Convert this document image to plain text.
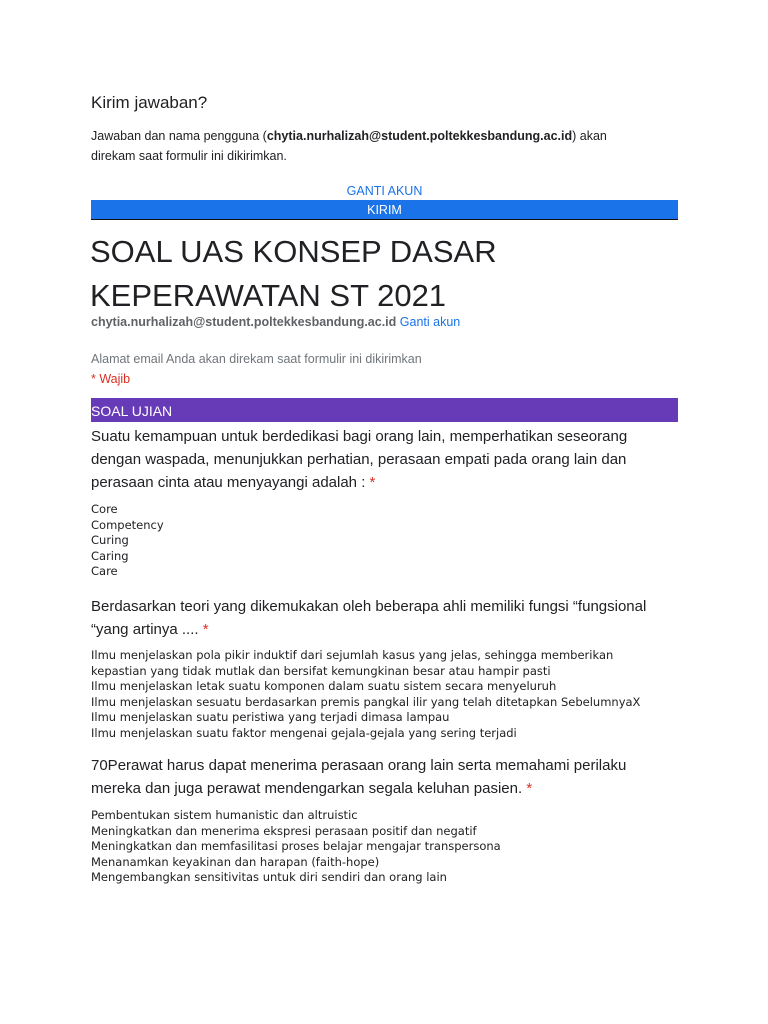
Kirim jawaban?
Jawaban dan nama pengguna (chytia.nurhalizah@student.poltekkesbandung.ac.id) akan direkam saat formulir ini dikirimkan.
GANTI AKUN
KIRIM
SOAL UAS KONSEP DASAR KEPERAWATAN ST 2021
chytia.nurhalizah@student.poltekkesbandung.ac.id Ganti akun
Alamat email Anda akan direkam saat formulir ini dikirimkan
* Wajib
SOAL UJIAN
Suatu kemampuan untuk berdedikasi bagi orang lain, memperhatikan seseorang dengan waspada, menunjukkan perhatian, perasaan empati pada orang lain dan perasaan cinta atau menyayangi adalah : *
Core
Competency
Curing
Caring
Care
Berdasarkan teori yang dikemukakan oleh beberapa ahli memiliki fungsi “fungsional “yang artinya .... *
Ilmu menjelaskan pola pikir induktif dari sejumlah kasus yang jelas, sehingga memberikan
kepastian yang tidak mutlak dan bersifat kemungkinan besar atau hampir pasti
Ilmu menjelaskan letak suatu komponen dalam suatu sistem secara menyeluruh
Ilmu menjelaskan sesuatu berdasarkan premis pangkal ilir yang telah ditetapkan SebelumnyaX
Ilmu menjelaskan suatu peristiwa yang terjadi dimasa lampau
Ilmu menjelaskan suatu faktor mengenai gejala-gejala yang sering terjadi
70Perawat harus dapat menerima perasaan orang lain serta memahami perilaku mereka dan juga perawat mendengarkan segala keluhan pasien. *
Pembentukan sistem humanistic dan altruistic
Meningkatkan dan menerima ekspresi perasaan positif dan negatif
Meningkatkan dan memfasilitasi proses belajar mengajar transpersona
Menanamkan keyakinan dan harapan (faith-hope)
Mengembangkan sensitivitas untuk diri sendiri dan orang lain
